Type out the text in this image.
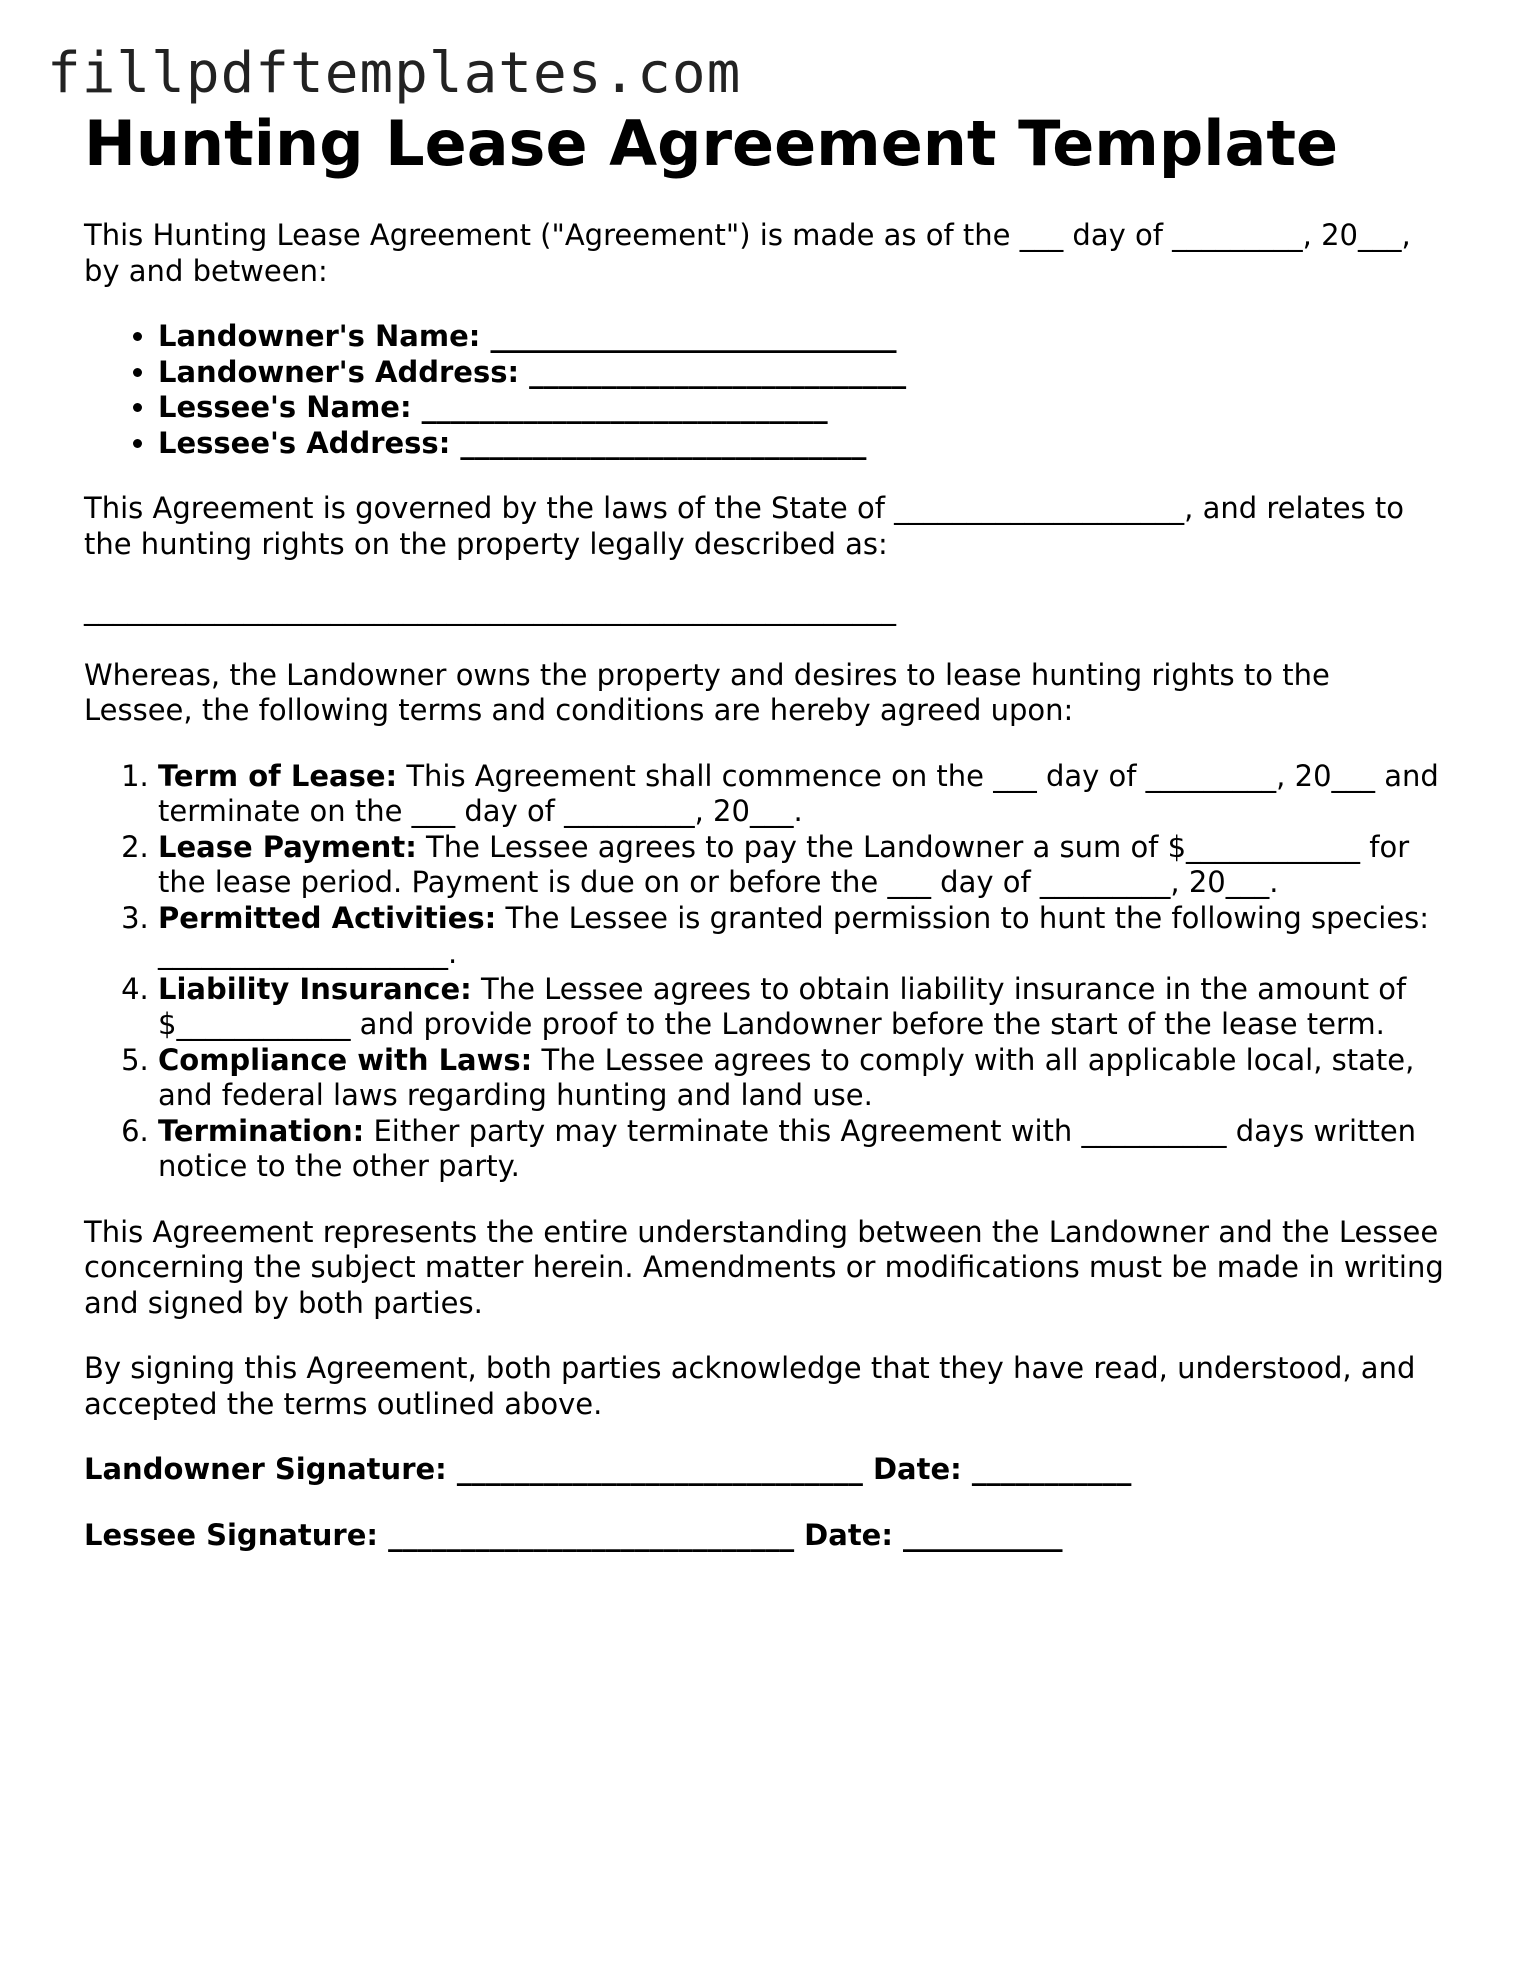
fillpdftemplates.com
Hunting Lease Agreement Template

This Hunting Lease Agreement ("Agreement") is made as of the ___ day of _________, 20___, by and between:

• Landowner's Name: ____________________________
• Landowner's Address: __________________________
• Lessee's Name: ____________________________
• Lessee's Address: ____________________________

This Agreement is governed by the laws of the State of ____________________, and relates to the hunting rights on the property legally described as:

________________________________________________________

Whereas, the Landowner owns the property and desires to lease hunting rights to the Lessee, the following terms and conditions are hereby agreed upon:

1. Term of Lease: This Agreement shall commence on the ___ day of _________, 20___ and terminate on the ___ day of _________, 20___.
2. Lease Payment: The Lessee agrees to pay the Landowner a sum of $____________ for the lease period. Payment is due on or before the ___ day of _________, 20___.
3. Permitted Activities: The Lessee is granted permission to hunt the following species: ____________________.
4. Liability Insurance: The Lessee agrees to obtain liability insurance in the amount of $____________ and provide proof to the Landowner before the start of the lease term.
5. Compliance with Laws: The Lessee agrees to comply with all applicable local, state, and federal laws regarding hunting and land use.
6. Termination: Either party may terminate this Agreement with __________ days written notice to the other party.

This Agreement represents the entire understanding between the Landowner and the Lessee concerning the subject matter herein. Amendments or modifications must be made in writing and signed by both parties.

By signing this Agreement, both parties acknowledge that they have read, understood, and accepted the terms outlined above.

Landowner Signature: ____________________________ Date: ___________

Lessee Signature: ____________________________ Date: ___________
